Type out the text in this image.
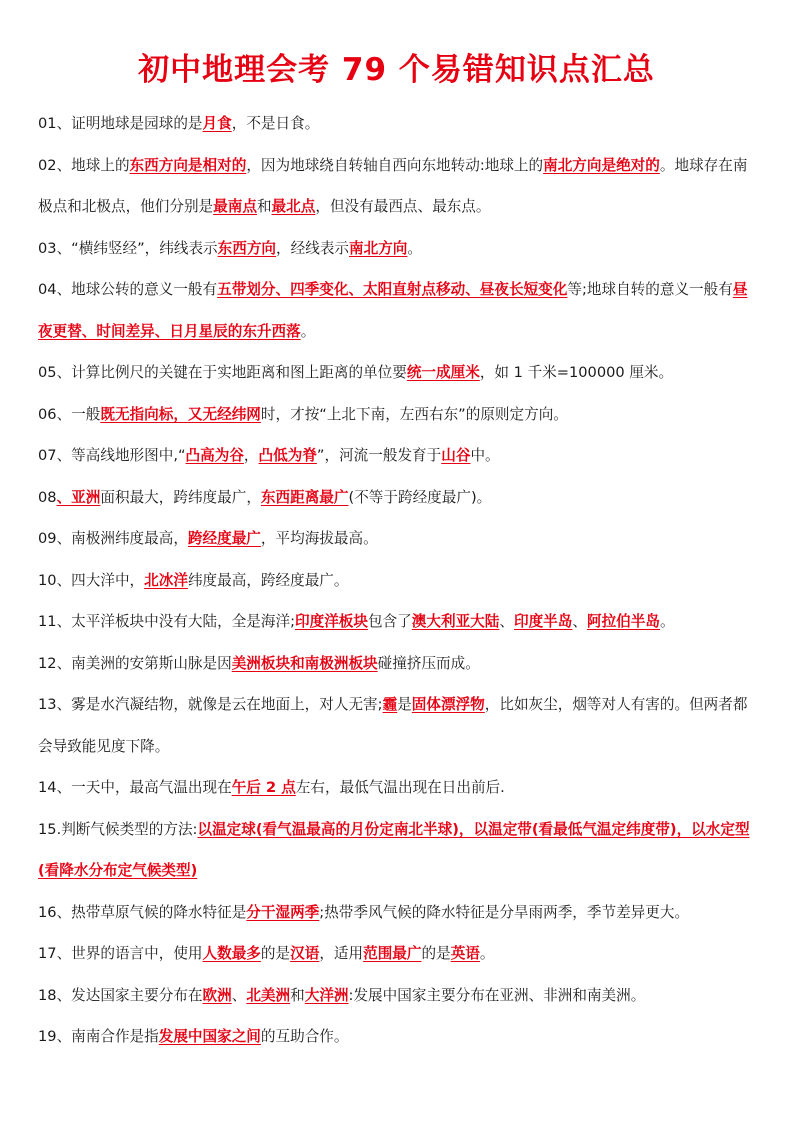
初中地理会考 79 个易错知识点汇总

01、证明地球是园球的是月食，不是日食。

02、地球上的东西方向是相对的，因为地球绕自转轴自西向东地转动:地球上的南北方向是绝对的。地球存在南极点和北极点，他们分别是最南点和最北点，但没有最西点、最东点。

03、“横纬竖经”，纬线表示东西方向，经线表示南北方向。

04、地球公转的意义一般有五带划分、四季变化、太阳直射点移动、昼夜长短变化等;地球自转的意义一般有昼夜更替、时间差异、日月星辰的东升西落。

05、计算比例尺的关键在于实地距离和图上距离的单位要统一成厘米，如 1 千米=100000 厘米。

06、一般既无指向标，又无经纬网时，才按“上北下南，左西右东”的原则定方向。

07、等高线地形图中,“凸高为谷，凸低为脊”，河流一般发育于山谷中。

08、亚洲面积最大，跨纬度最广，东西距离最广(不等于跨经度最广)。

09、南极洲纬度最高，跨经度最广，平均海拔最高。

10、四大洋中，北冰洋纬度最高，跨经度最广。

11、太平洋板块中没有大陆，全是海洋;印度洋板块包含了澳大利亚大陆、印度半岛、阿拉伯半岛。

12、南美洲的安第斯山脉是因美洲板块和南极洲板块碰撞挤压而成。

13、雾是水汽凝结物，就像是云在地面上，对人无害;霾是固体漂浮物，比如灰尘，烟等对人有害的。但两者都会导致能见度下降。

14、一天中，最高气温出现在午后 2 点左右，最低气温出现在日出前后.

15.判断气候类型的方法:以温定球(看气温最高的月份定南北半球)，以温定带(看最低气温定纬度带)，以水定型(看降水分布定气候类型)

16、热带草原气候的降水特征是分干湿两季;热带季风气候的降水特征是分旱雨两季，季节差异更大。

17、世界的语言中，使用人数最多的是汉语，适用范围最广的是英语。

18、发达国家主要分布在欧洲、北美洲和大洋洲:发展中国家主要分布在亚洲、非洲和南美洲。

19、南南合作是指发展中国家之间的互助合作。
